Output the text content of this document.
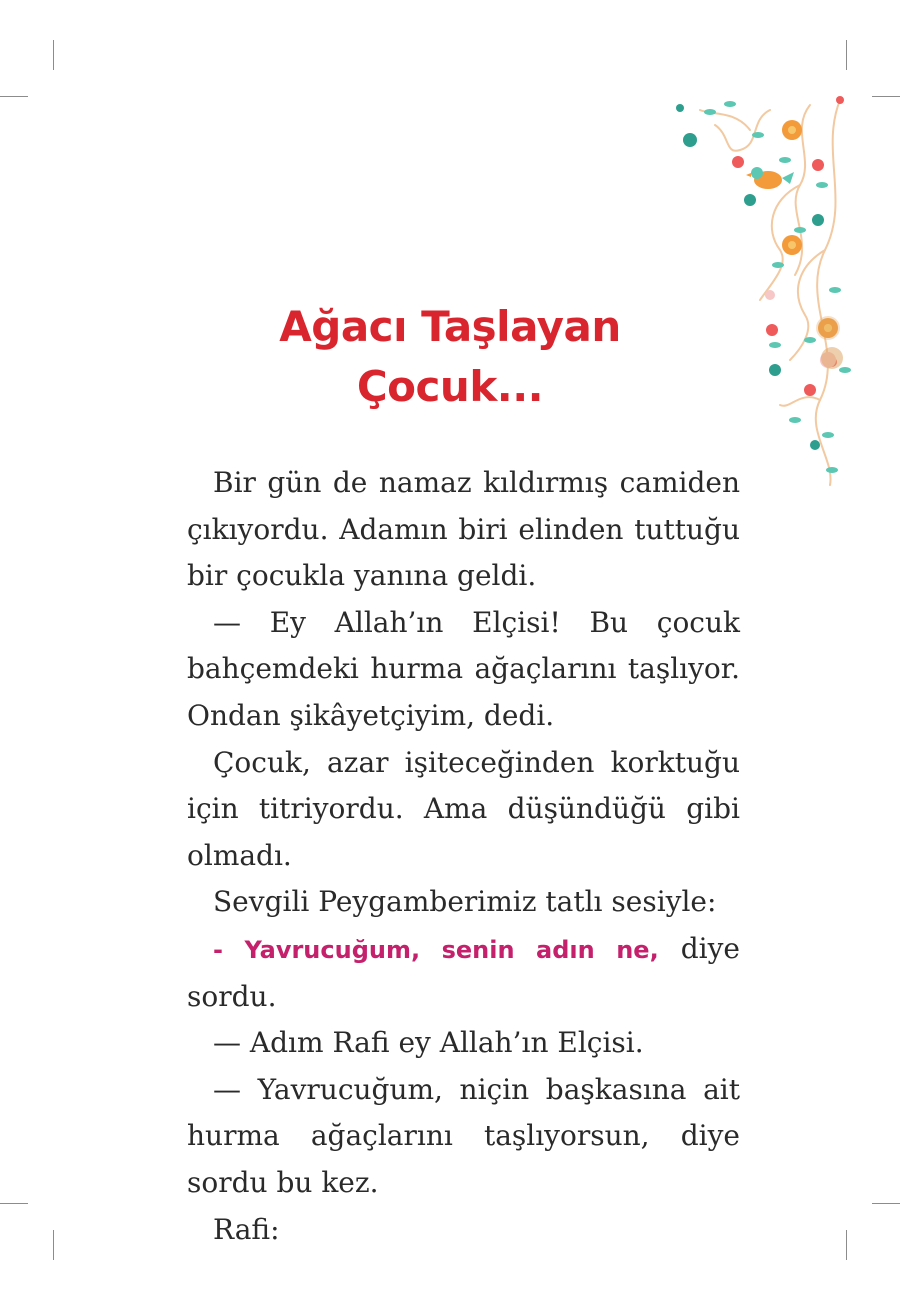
Ağacı Taşlayan
Çocuk...

Bir gün de namaz kıldırmış camiden çıkıyordu. Adamın biri elinden tuttuğu bir çocukla yanına geldi.

— Ey Allah’ın Elçisi! Bu çocuk bahçemdeki hurma ağaçlarını taşlıyor. Ondan şikâyetçiyim, dedi.

Çocuk, azar işiteceğinden korktuğu için titriyordu. Ama düşündüğü gibi olmadı.

Sevgili Peygamberimiz tatlı sesiyle:

- Yavrucuğum, senin adın ne, diye sordu.

— Adım Rafi ey Allah’ın Elçisi.

— Yavrucuğum, niçin başkasına ait hurma ağaçlarını taşlıyorsun, diye sordu bu kez.

Rafi:
